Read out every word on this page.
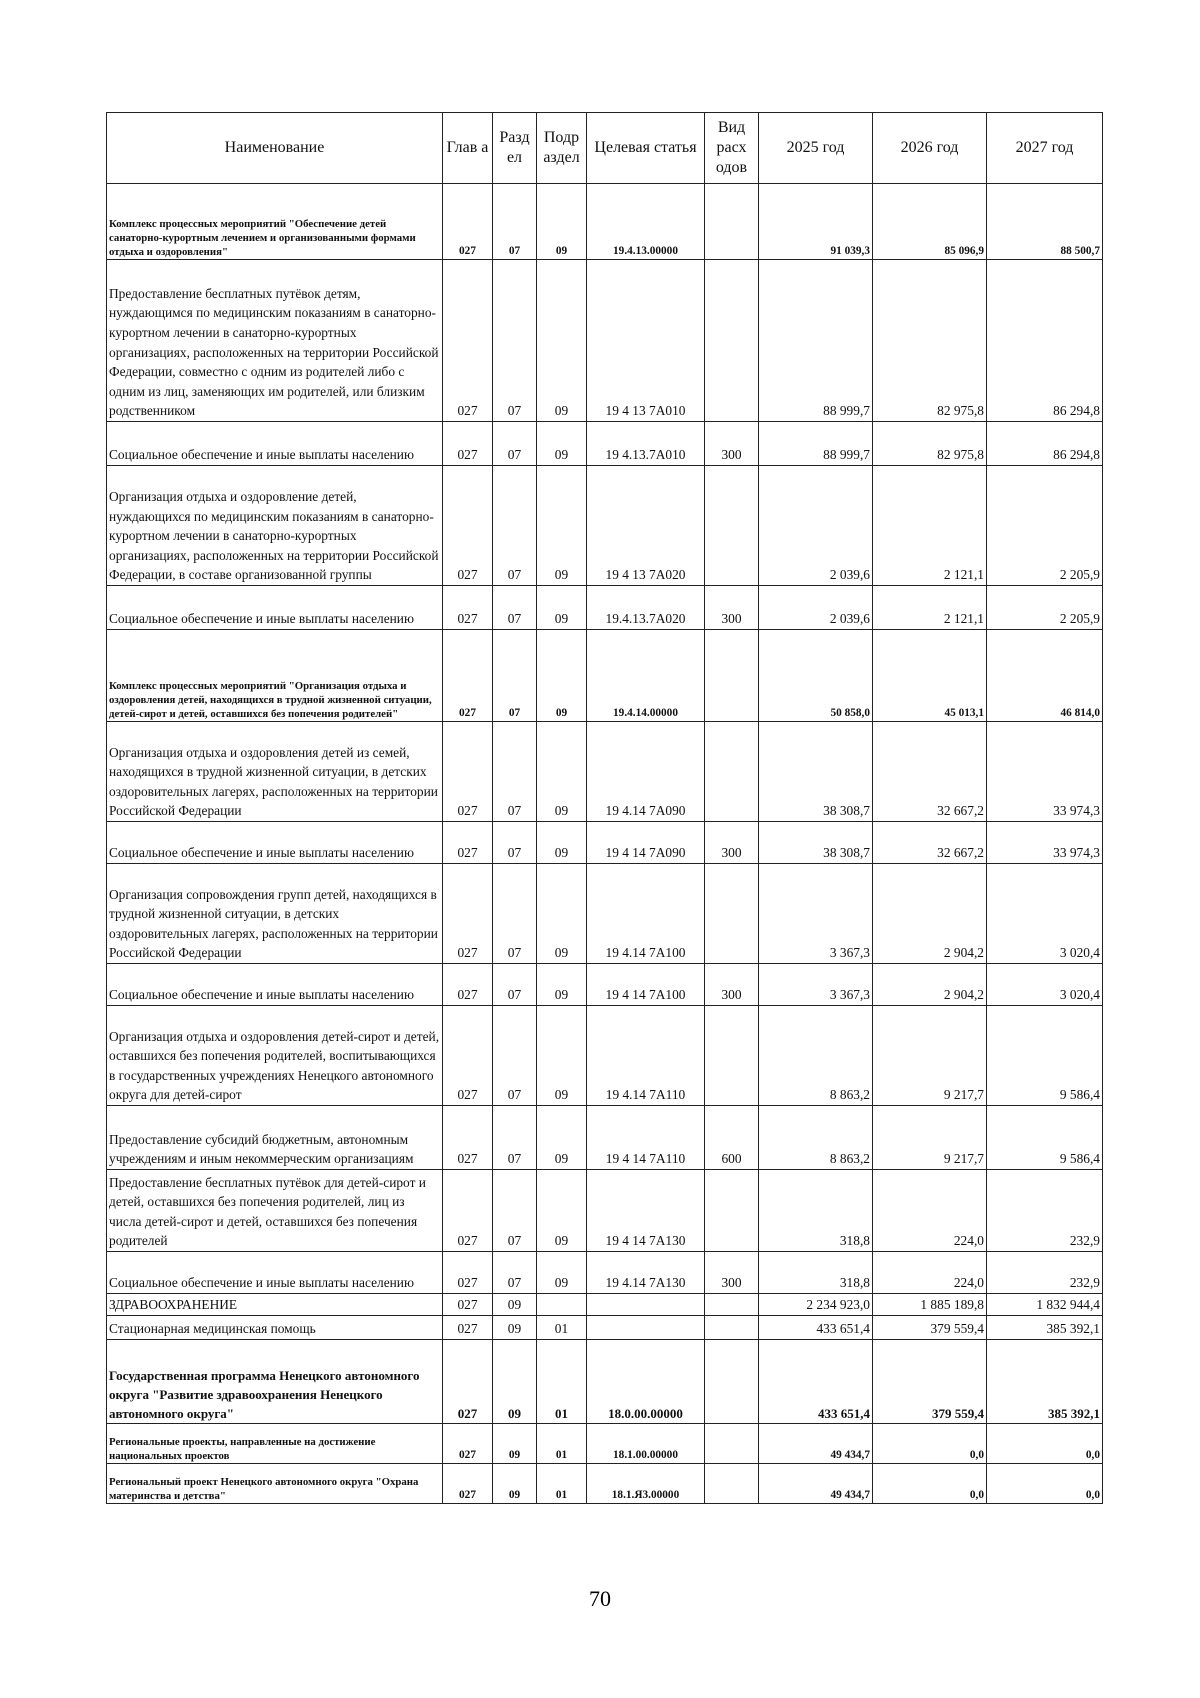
Наименование	Глав а	Разд ел	Подр аздел	Целевая статья	Вид расх одов	2025 год	2026 год	2027 год
Комплекс процессных мероприятий "Обеспечение детей санаторно-курортным лечением и организованными формами отдыха и оздоровления"	027	07	09	19.4.13.00000		91 039,3	85 096,9	88 500,7
Предоставление бесплатных путёвок детям, нуждающимся по медицинским показаниям в санаторно-курортном лечении в санаторно-курортных организациях, расположенных на территории Российской Федерации, совместно с одним из родителей либо с одним из лиц, заменяющих им родителей, или близким родственником	027	07	09	19 4 13 7А010		88 999,7	82 975,8	86 294,8
Социальное обеспечение и иные выплаты населению	027	07	09	19 4.13.7А010	300	88 999,7	82 975,8	86 294,8
Организация отдыха и оздоровление детей, нуждающихся по медицинским показаниям в санаторно-курортном лечении в санаторно-курортных организациях, расположенных на территории Российской Федерации, в составе организованной группы	027	07	09	19 4 13 7А020		2 039,6	2 121,1	2 205,9
Социальное обеспечение и иные выплаты населению	027	07	09	19.4.13.7А020	300	2 039,6	2 121,1	2 205,9
Комплекс процессных мероприятий "Организация отдыха и оздоровления детей, находящихся в трудной жизненной ситуации, детей-сирот и детей, оставшихся без попечения родителей"	027	07	09	19.4.14.00000		50 858,0	45 013,1	46 814,0
Организация отдыха и оздоровления детей из семей, находящихся в трудной жизненной ситуации, в детских оздоровительных лагерях, расположенных на территории Российской Федерации	027	07	09	19 4.14 7А090		38 308,7	32 667,2	33 974,3
Социальное обеспечение и иные выплаты населению	027	07	09	19 4 14 7А090	300	38 308,7	32 667,2	33 974,3
Организация сопровождения групп детей, находящихся в трудной жизненной ситуации, в детских оздоровительных лагерях, расположенных на территории Российской Федерации	027	07	09	19 4.14 7А100		3 367,3	2 904,2	3 020,4
Социальное обеспечение и иные выплаты населению	027	07	09	19 4 14 7А100	300	3 367,3	2 904,2	3 020,4
Организация отдыха и оздоровления детей-сирот и детей, оставшихся без попечения родителей, воспитывающихся в государственных учреждениях Ненецкого автономного округа для детей-сирот	027	07	09	19 4.14 7А110		8 863,2	9 217,7	9 586,4
Предоставление субсидий бюджетным, автономным учреждениям и иным некоммерческим организациям	027	07	09	19 4 14 7А110	600	8 863,2	9 217,7	9 586,4
Предоставление бесплатных путёвок для детей-сирот и детей, оставшихся без попечения родителей, лиц из числа детей-сирот и детей, оставшихся без попечения родителей	027	07	09	19 4 14 7А130		318,8	224,0	232,9
Социальное обеспечение и иные выплаты населению	027	07	09	19 4.14 7А130	300	318,8	224,0	232,9
ЗДРАВООХРАНЕНИЕ	027	09				2 234 923,0	1 885 189,8	1 832 944,4
Стационарная медицинская помощь	027	09	01			433 651,4	379 559,4	385 392,1
Государственная программа Ненецкого автономного округа "Развитие здравоохранения Ненецкого автономного округа"	027	09	01	18.0.00.00000		433 651,4	379 559,4	385 392,1
Региональные проекты, направленные на достижение национальных проектов	027	09	01	18.1.00.00000		49 434,7	0,0	0,0
Региональный проект Ненецкого автономного округа "Охрана материнства и детства"	027	09	01	18.1.Я3.00000		49 434,7	0,0	0,0
70
